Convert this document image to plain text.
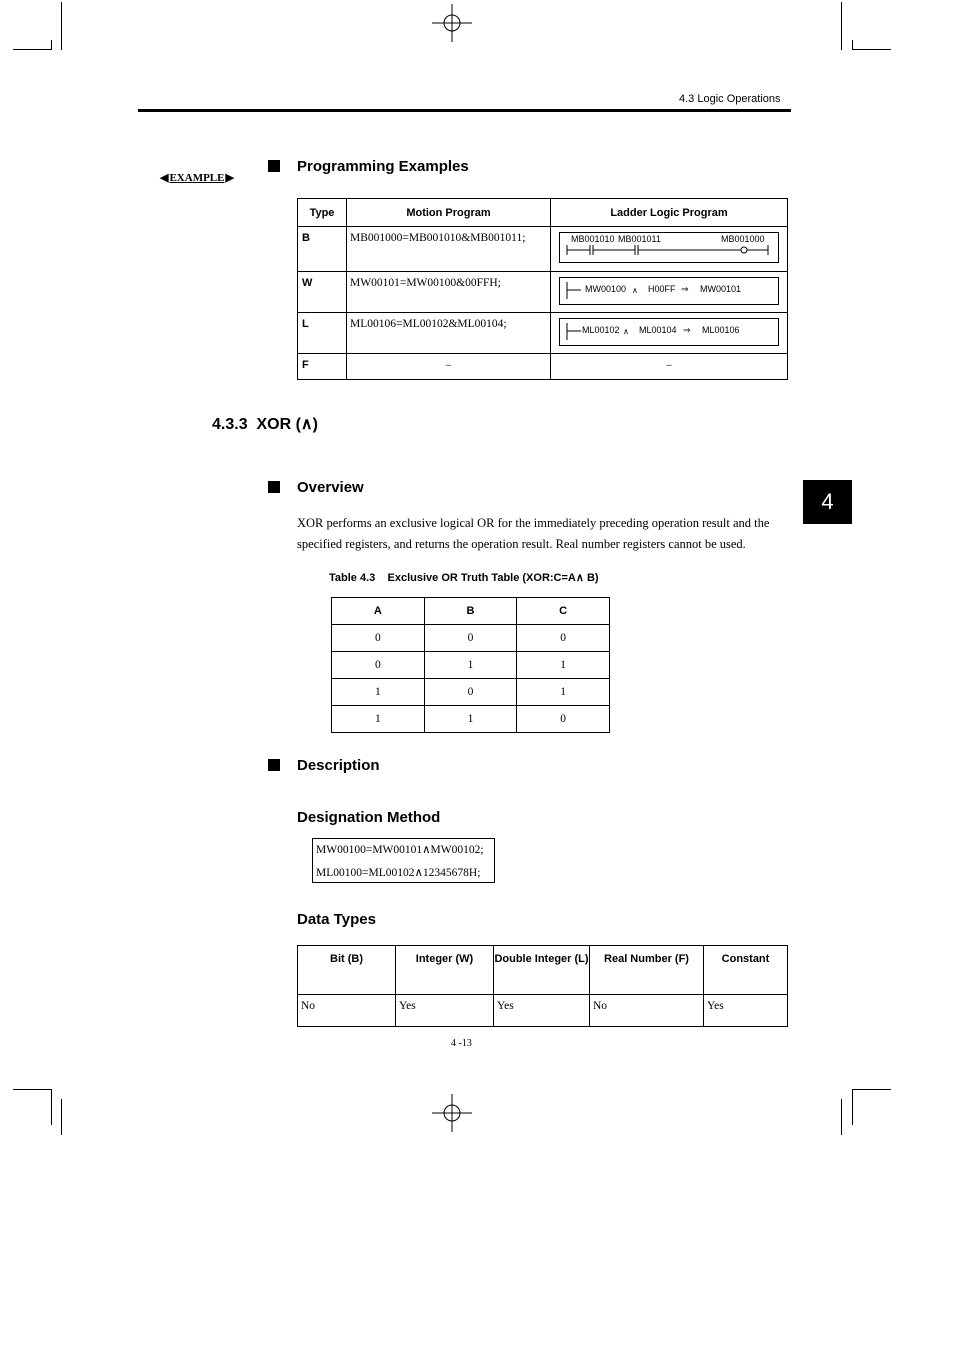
4.3 Logic Operations
◀EXAMPLE▶
Programming Examples
Type	Motion Program	Ladder Logic Program
B	MB001000=MB001010&MB001011;	MB001010 MB001011 MB001000

W	MW00101=MW00100&00FFH;	MW00100 ∧ H00FF ⇒ MW00101

L	ML00106=ML00102&ML00104;	ML00102 ∧ ML00104 ⇒ ML00106

F	−	−
4.3.3 XOR (∧)
Overview
XOR performs an exclusive logical OR for the immediately preceding operation result and the
specified registers, and returns the operation result. Real number registers cannot be used.
Table 4.3 Exclusive OR Truth Table (XOR:C=A∧ B)
A	B	C
0	0	0
0	1	1
1	0	1
1	1	0
Description
Designation Method
MW00100=MW00101∧MW00102;
ML00100=ML00102∧12345678H;
Data Types
Bit (B)	Integer (W)	Double Integer (L)	Real Number (F)	Constant
No	Yes	Yes	No	Yes
4
4 -13
